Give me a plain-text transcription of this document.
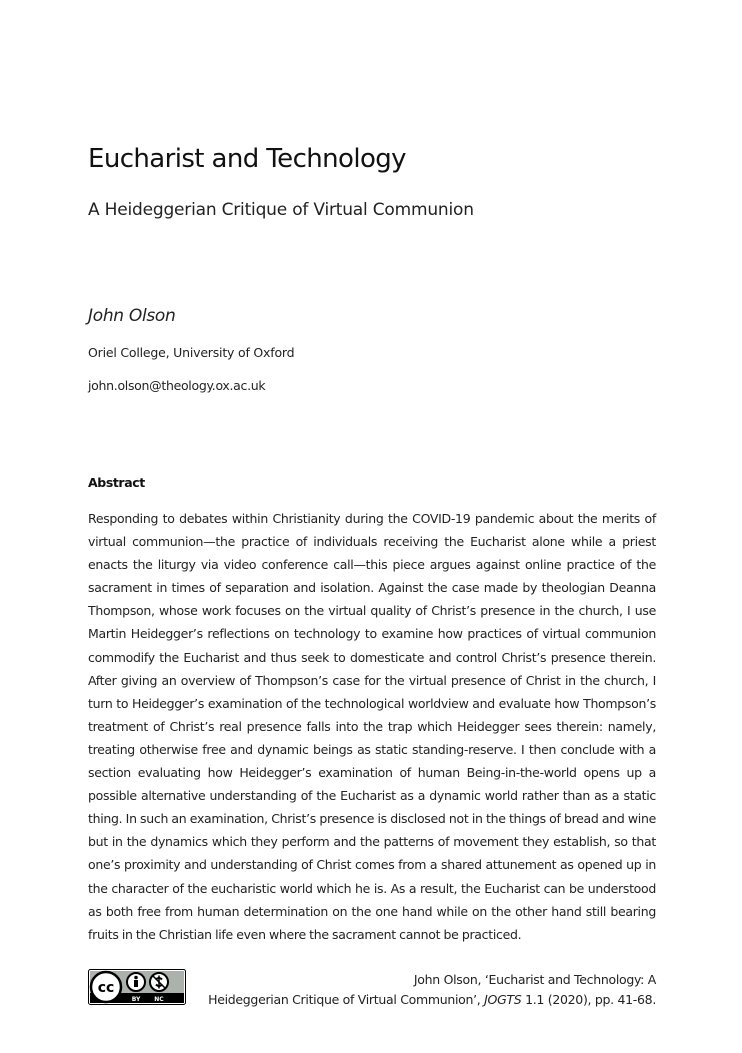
Eucharist and Technology
A Heideggerian Critique of Virtual Communion

John Olson

Oriel College, University of Oxford

john.olson@theology.ox.ac.uk

Abstract

Responding to debates within Christianity during the COVID-19 pandemic about the merits of virtual communion—the practice of individuals receiving the Eucharist alone while a priest enacts the liturgy via video conference call—this piece argues against online practice of the sacrament in times of separation and isolation. Against the case made by theologian Deanna Thompson, whose work focuses on the virtual quality of Christ’s presence in the church, I use Martin Heidegger’s reflections on technology to examine how practices of virtual communion commodify the Eucharist and thus seek to domesticate and control Christ’s presence therein. After giving an overview of Thompson’s case for the virtual presence of Christ in the church, I turn to Heidegger’s examination of the technological worldview and evaluate how Thompson’s treatment of Christ’s real presence falls into the trap which Heidegger sees therein: namely, treating otherwise free and dynamic beings as static standing-reserve. I then conclude with a section evaluating how Heidegger’s examination of human Being-in-the-world opens up a possible alternative understanding of the Eucharist as a dynamic world rather than as a static thing. In such an examination, Christ’s presence is disclosed not in the things of bread and wine but in the dynamics which they perform and the patterns of movement they establish, so that one’s proximity and understanding of Christ comes from a shared attunement as opened up in the character of the eucharistic world which he is. As a result, the Eucharist can be understood as both free from human determination on the one hand while on the other hand still bearing fruits in the Christian life even where the sacrament cannot be practiced.

cc
BY NC
John Olson, ‘Eucharist and Technology: A
Heideggerian Critique of Virtual Communion’, JOGTS 1.1 (2020), pp. 41-68.
